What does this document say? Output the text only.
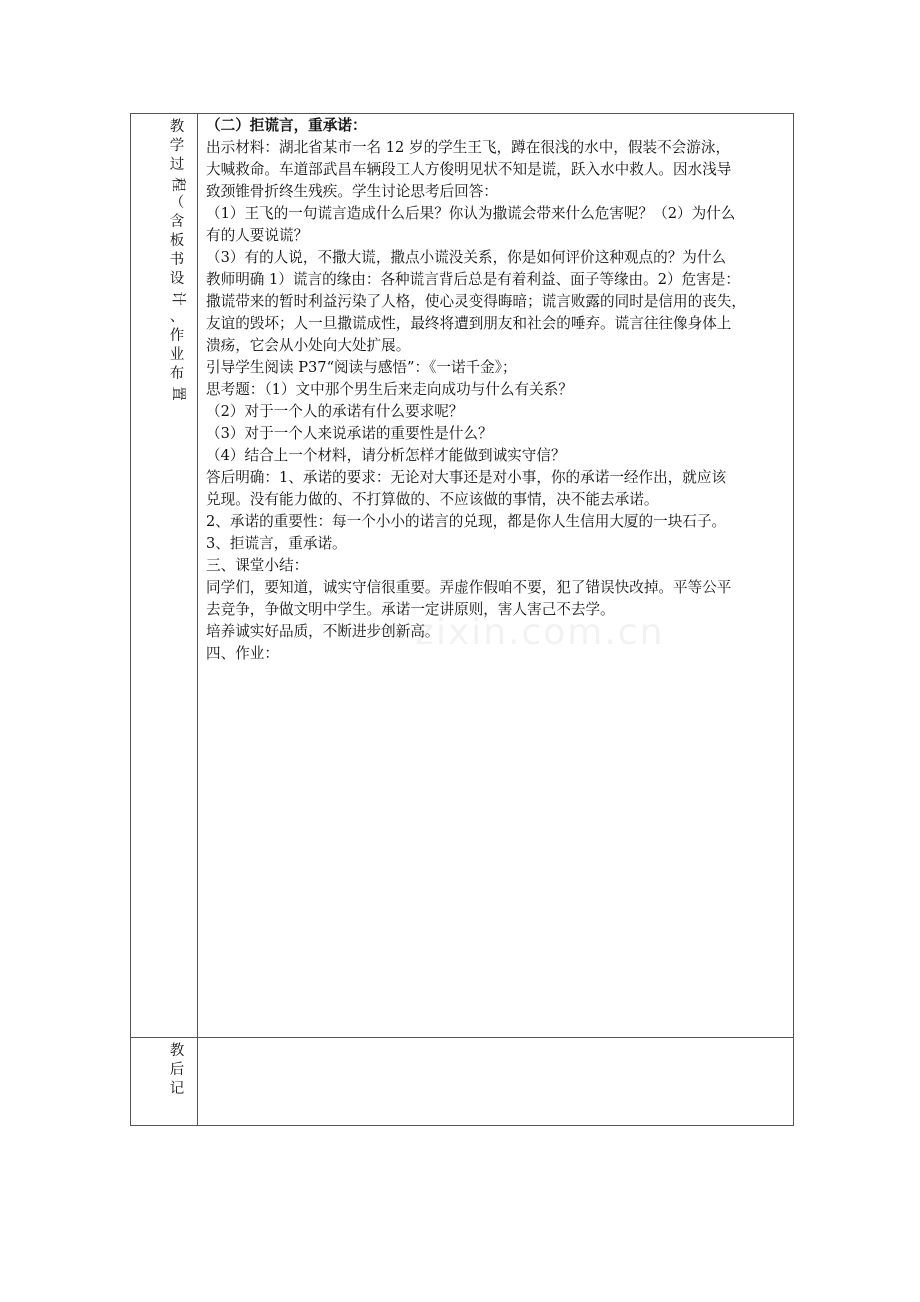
教
学
过
程
（
含
板
书
设
计
、
作
业
布
置
（二）拒谎言，重承诺：
出示材料：湖北省某市一名 12 岁的学生王飞，蹲在很浅的水中，假装不会游泳，
大喊救命。车道部武昌车辆段工人方俊明见状不知是谎，跃入水中救人。因水浅导
致颈锥骨折终生残疾。学生讨论思考后回答：
（1）王飞的一句谎言造成什么后果？你认为撒谎会带来什么危害呢？（2）为什么
有的人要说谎？
（3）有的人说，不撒大谎，撒点小谎没关系，你是如何评价这种观点的？为什么
教师明确 1）谎言的缘由：各种谎言背后总是有着利益、面子等缘由。2）危害是：
撒谎带来的暂时利益污染了人格，使心灵变得晦暗；谎言败露的同时是信用的丧失，
友谊的毁坏；人一旦撒谎成性，最终将遭到朋友和社会的唾弃。谎言往往像身体上
溃疡，它会从小处向大处扩展。
引导学生阅读 P37“阅读与感悟”：《一诺千金》；
思考题：（1）文中那个男生后来走向成功与什么有关系？
（2）对于一个人的承诺有什么要求呢？
（3）对于一个人来说承诺的重要性是什么？
（4）结合上一个材料，请分析怎样才能做到诚实守信？
答后明确：1、承诺的要求：无论对大事还是对小事，你的承诺一经作出，就应该
兑现。没有能力做的、不打算做的、不应该做的事情，决不能去承诺。
2、承诺的重要性：每一个小小的诺言的兑现，都是你人生信用大厦的一块石子。
3、拒谎言，重承诺。
三、课堂小结：
同学们，要知道，诚实守信很重要。弄虚作假咱不要，犯了错误快改掉。平等公平
去竞争，争做文明中学生。承诺一定讲原则，害人害己不去学。
培养诚实好品质，不断进步创新高。
四、作业：
教
后
记
zixin.com.cn
